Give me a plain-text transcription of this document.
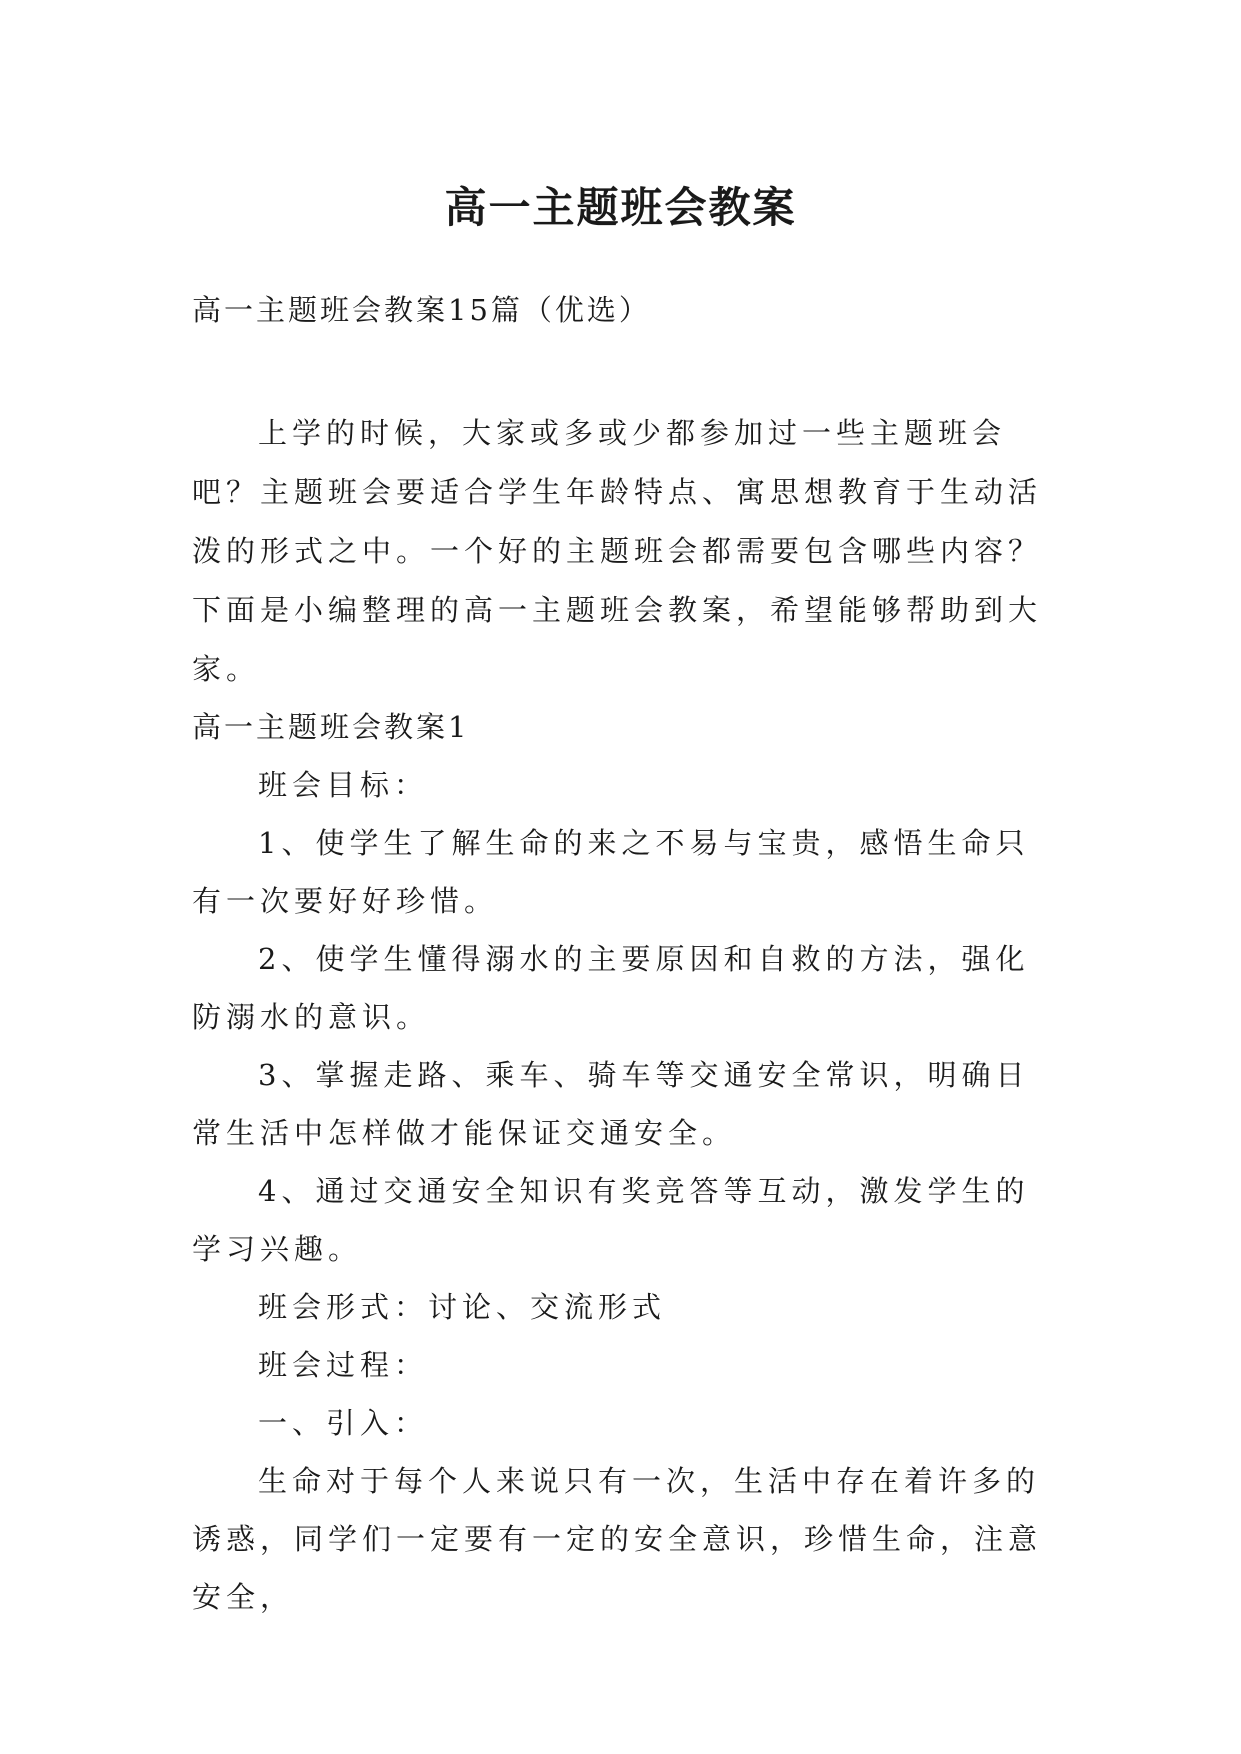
高一主题班会教案
高一主题班会教案15篇（优选）

上学的时候，大家或多或少都参加过一些主题班会吧？主题班会要适合学生年龄特点、寓思想教育于生动活泼的形式之中。一个好的主题班会都需要包含哪些内容？下面是小编整理的高一主题班会教案，希望能够帮助到大家。

高一主题班会教案1

班会目标：

1、使学生了解生命的来之不易与宝贵，感悟生命只有一次要好好珍惜。

2、使学生懂得溺水的主要原因和自救的方法，强化防溺水的意识。

3、掌握走路、乘车、骑车等交通安全常识，明确日常生活中怎样做才能保证交通安全。

4、通过交通安全知识有奖竞答等互动，激发学生的学习兴趣。

班会形式：讨论、交流形式

班会过程：

一、引入：

生命对于每个人来说只有一次，生活中存在着许多的诱惑，同学们一定要有一定的安全意识，珍惜生命，注意安全，
